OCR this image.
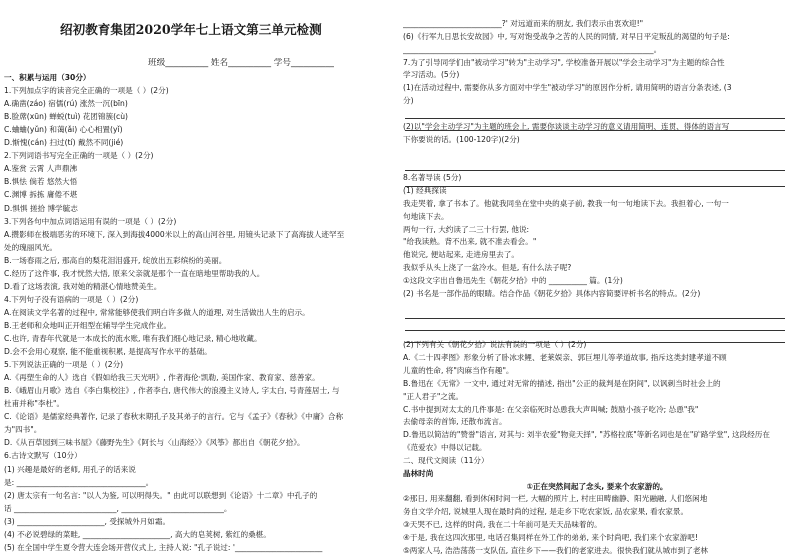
绍初教育集团2020学年七上语文第三单元检测
班级__________ 姓名__________ 学号__________
一、积累与运用（30分）
1.下列加点字的读音完全正确的一项是（ ）(2分)
A.确凿(záo) 宿儒(rú) 涨然一沉(bīn)
B.脸蓆(xūn) 蝉蜕(tuì) 花团锦簇(cù)
C.蛐蛐(yǔn) 和蔼(ǎi) 心心相置(yǐ)
D.惭愧(cán) 扫过(tí) 戴然不同(jié)
2.下列词语书写完全正确的一项是（ ）(2分)
A.鉴赏 云霄 人声鼎沸
B.惧怯 倘若 悠然大悟
C.渊博 拆拣 庸倦不堪
D.惧惧 搓拾 博学毓志
3.下列各句中加点词语运用有误的一项是（ ）(2分)
A.攒影师在极端恶劣的环境下, 深入到海拔4000米以上的高山河谷里, 用镜头记录下了高海拔人迹罕至
处的瑰丽风光。
B.一场春雨之后, 那高自的梨花泪泪盛开, 绽放出五彩缤纷的美丽。
C.经历了这件事, 我才恍然大悟, 原来父亲就是那个一直在暗地里帮助我的人。
D.看了这场表演, 我对她的精湛心情地赞美生。
4.下列句子没有语病的一项是（ ）(2分)
A.在阅读文学名著的过程中, 常常能够使我们明白许多做人的道理, 对生活做出人生的启示。
B.王老师和众地叫正开组型在辅导学生完成作业。
C.也许, 青春年代就是一本成长的流水账, 唯有我们细心地记录, 精心地收藏。
D.会不会用心观察, 能不能重视积累, 是提高写作水平的基础。
5.下列说法正确的一项是（ ）(2分)
A.《再塑生命的人》选自《假如给我三天光明》, 作者海伦·凯勒, 美国作家、教育家、慈善家。
B.《峨眉山月歌》选自《李白集校注》, 作者李白, 唐代伟大的浪漫主义诗人, 字太白, 号青莲居士, 与
杜甫并称"李杜"。
C.《论语》是儒家经典著作, 记录了春秋末期孔子及其弟子的言行。它与《孟子》《春秋》《中庸》合称
为"四书"。
D.《从百草园到三味书屋》《藤野先生》《阿长与〈山海经〉》《风筝》都出自《朝花夕拾》。
6.古诗文默写（10分）
(1) 兴趣是最好的老师, 用孔子的话来说
是: __________________________________。
(2) 唐太宗有一句名言: "以人为鉴, 可以明得失。" 由此可以联想到《论语》十二章》中孔子的
话 ___________________________, ___________________________。
(3) _______________________, 受探城外月如霜。
(4) 不必说碧绿的菜畦, _______________________, 高大的皂荚树, 紫红的桑椹。
(5) 在全国中学生夏令营大连会场开营仪式上, 主持人说: "孔子说过: '_______________________
__________________________?' 对远道而来的朋友, 我们表示由衷欢迎!"
(6)《行军九日思长安故园》中, 写对饱受战争之苦的人民的同情, 对早日平定叛乱的渴望的句子是:
__________________________________________________________________。
7.为了引导同学们由"被动学习"转为"主动学习", 学校准备开展以"学会主动学习"为主题的综合性
学习活动。(5分)
(1)在活动过程中, 需要你从多方面对中学生"被动学习"的原因作分析, 请用简明的语言分条表述, (3
分)
(2)以"学会主动学习"为主题的班会上, 需要你谈谈主动学习的意义请用简明、连贯、得体的语言写
下你要说的话。(100-120字)(2分)
8.名著导读 (5分)
(1) 经典探读
我走哭着, 拿了书本了。他就我同坐在堂中央的桌子前, 教我一句一句地读下去。我担着心, 一句一
句地读下去。
两句一行, 大约读了二三十行罢, 他说:
"给我读熟。背不出来, 就不准去看会。"
他说完, 便站起来, 走进房里去了。
我似乎从头上浇了一盆冷水。但是, 有什么法子呢?
①这段文字出自鲁迅先生《朝花夕拾》中的 __________ 篇。(1分)
(2) 书名是一部作品的眼睛。结合作品《朝花夕拾》具体内容简要评析书名的特点。(2分)
(2)下列有关《朝花夕拾》说法有误的一项是（ ）(2分)
A.《二十四孝图》形象分析了卧冰求鲤、老莱娱亲、郭巨埋儿等孝道故事, 指斥这类封建孝道不顾
儿童的性命, 将"肉麻当作有趣"。
B.鲁迅在《无常》一文中, 通过对无常的描述, 指出"公正的裁判是在阴间", 以讽刺当时社会上的
"正人君子"之流。
C.书中提到对太太的几件事是: 在父亲临死时怂恿我大声叫喊; 鼓励小孩子吃冷; 怂恿"我"
去偷母亲的首饰, 还散布流言。
D.鲁迅以简洁的"赞誉"语言, 对其与: 刘半农爱"物竞天择", "苏格拉底"等新名词也是在"矿路学堂", 这段经历在
《范爱农》中得以记载。
二、现代文阅读（11分）
晶林时尚
①正在突然间起了念头, 要来个农家游的。
②那日, 用来翻翻, 看到休闲时间一栏, 大幅的照片上, 村庄田畴幽静、阳光融融, 人们悠闲地
务自文学介绍, 说城里人现在最时尚的过程, 是走乡下吃农家饭, 品农家果, 看农家景。
③天哭不已, 这样的时尚, 我在二十年前可是天天品味着的。
④于是, 我在这四次那里, 电话召集同样在外工作的弟弟, 来个时尚吧, 我们来个农家游吧!
⑤两家人马, 浩浩荡荡一支队伍, 直往乡下——我们的老家进去。很快我们就从城市到了老林
